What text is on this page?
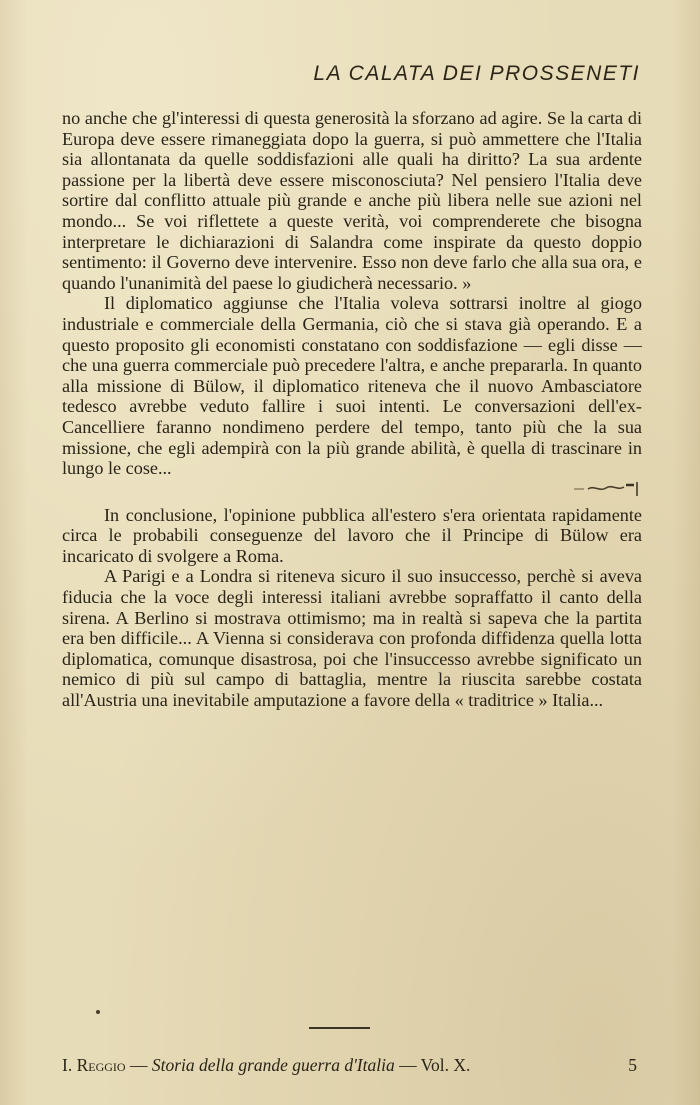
LA CALATA DEI PROSSENETI

no anche che gl'interessi di questa generosità la sforzano ad agire. Se la carta di Europa deve essere rimaneggiata dopo la guerra, si può ammettere che l'Italia sia allontanata da quelle soddisfazioni alle quali ha diritto? La sua ardente passione per la libertà deve essere misconosciuta? Nel pensiero l'Italia deve sortire dal conflitto attuale più grande e anche più libera nelle sue azioni nel mondo... Se voi riflettete a queste verità, voi comprenderete che bisogna interpretare le dichiarazioni di Salandra come inspirate da questo doppio sentimento: il Governo deve intervenire. Esso non deve farlo che alla sua ora, e quando l'unanimità del paese lo giudicherà necessario. »

Il diplomatico aggiunse che l'Italia voleva sottrarsi inoltre al giogo industriale e commerciale della Germania, ciò che si stava già operando. E a questo proposito gli economisti constatano con soddisfazione — egli disse — che una guerra commerciale può precedere l'altra, e anche prepararla. In quanto alla missione di Bülow, il diplomatico riteneva che il nuovo Ambasciatore tedesco avrebbe veduto fallire i suoi intenti. Le conversazioni dell'ex-Cancelliere faranno nondimeno perdere del tempo, tanto più che la sua missione, che egli adempirà con la più grande abilità, è quella di trascinare in lungo le cose...

In conclusione, l'opinione pubblica all'estero s'era orientata rapidamente circa le probabili conseguenze del lavoro che il Principe di Bülow era incaricato di svolgere a Roma.

A Parigi e a Londra si riteneva sicuro il suo insuccesso, perchè si aveva fiducia che la voce degli interessi italiani avrebbe sopraffatto il canto della sirena. A Berlino si mostrava ottimismo; ma in realtà si sapeva che la partita era ben difficile... A Vienna si considerava con profonda diffidenza quella lotta diplomatica, comunque disastrosa, poi che l'insuccesso avrebbe significato un nemico di più sul campo di battaglia, mentre la riuscita sarebbe costata all'Austria una inevitabile amputazione a favore della « traditrice » Italia...

I. Reggio — Storia della grande guerra d'Italia — Vol. X.	5
